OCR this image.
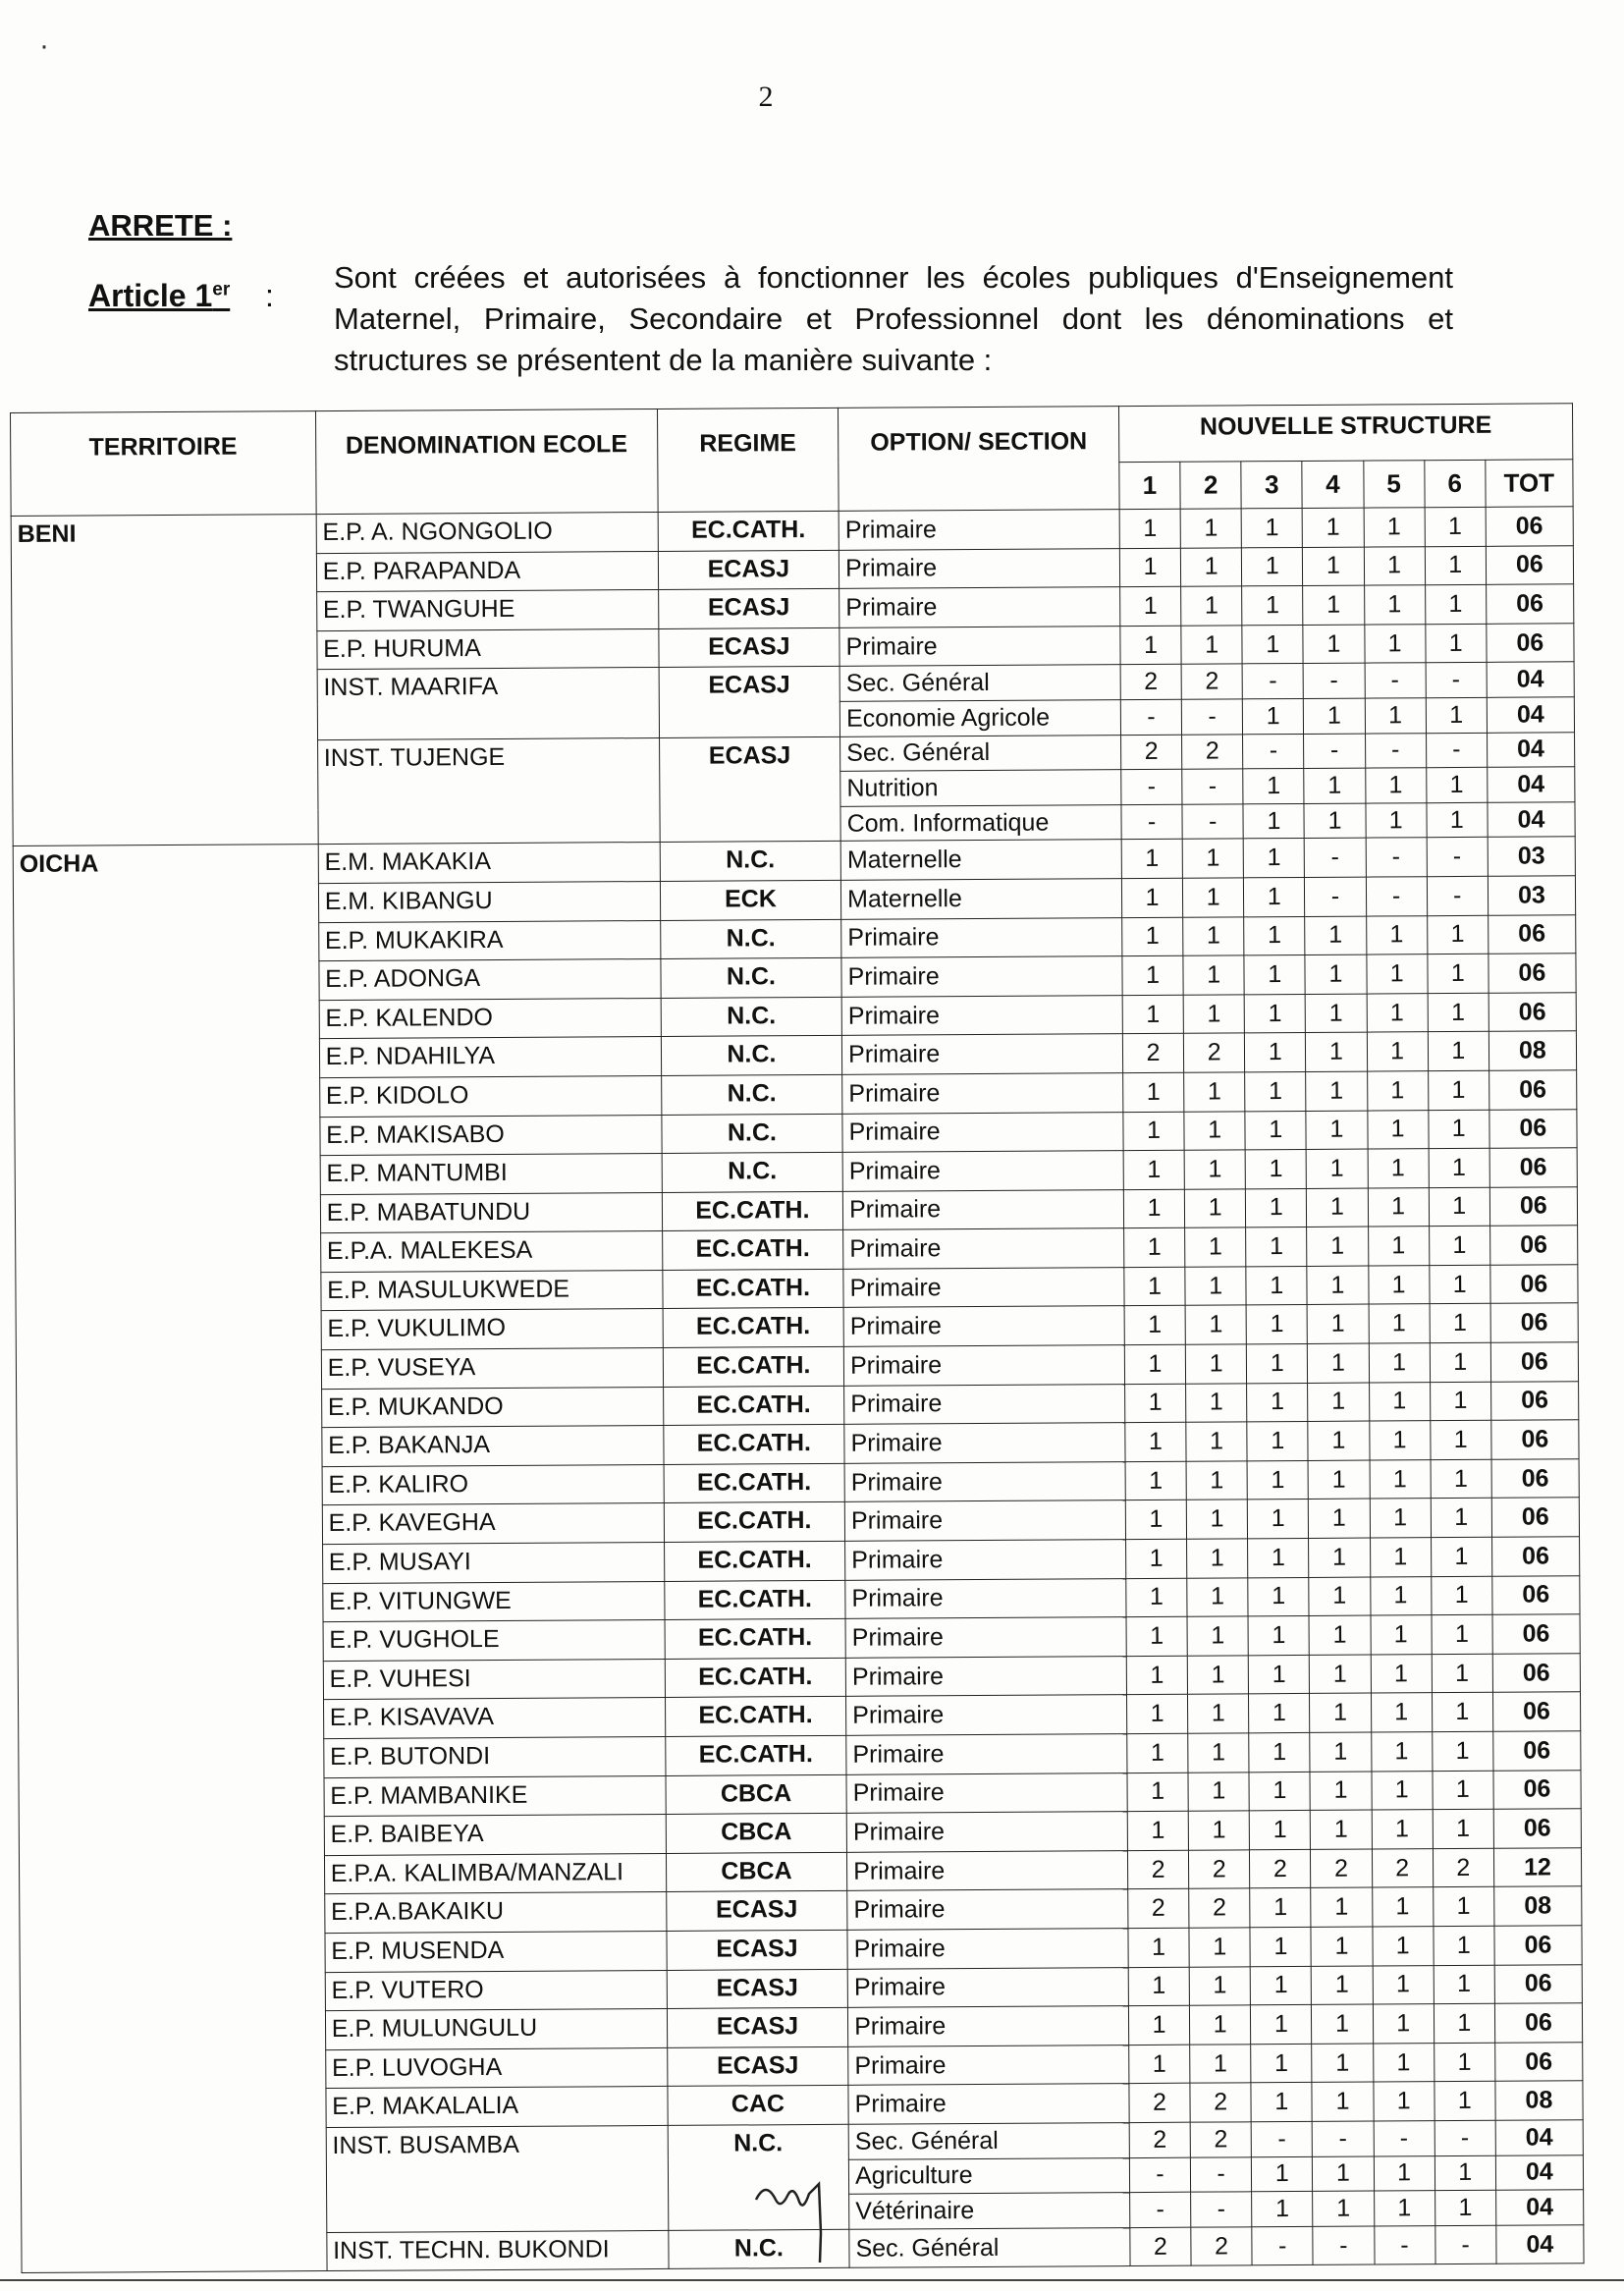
2
ARRETE :
Article 1er :
Sont créées et autorisées à fonctionner les écoles publiques d'Enseignement Maternel, Primaire, Secondaire et Professionnel dont les dénominations et structures se présentent de la manière suivante :
TERRITOIRE	DENOMINATION ECOLE	REGIME	OPTION/ SECTION	NOUVELLE STRUCTURE						
				1	2	3	4	5	6	TOT
BENI	E.P. A. NGONGOLIO	EC.CATH.	Primaire	1	1	1	1	1	1	06
	E.P. PARAPANDA	ECASJ	Primaire	1	1	1	1	1	1	06
	E.P. TWANGUHE	ECASJ	Primaire	1	1	1	1	1	1	06
	E.P. HURUMA	ECASJ	Primaire	1	1	1	1	1	1	06
	INST. MAARIFA	ECASJ	Sec. Général	2	2	-	-	-	-	04
			Economie Agricole	-	-	1	1	1	1	04
	INST. TUJENGE	ECASJ	Sec. Général	2	2	-	-	-	-	04
			Nutrition	-	-	1	1	1	1	04
			Com. Informatique	-	-	1	1	1	1	04
OICHA	E.M. MAKAKIA	N.C.	Maternelle	1	1	1	-	-	-	03
	E.M. KIBANGU	ECK	Maternelle	1	1	1	-	-	-	03
	E.P. MUKAKIRA	N.C.	Primaire	1	1	1	1	1	1	06
	E.P. ADONGA	N.C.	Primaire	1	1	1	1	1	1	06
	E.P. KALENDO	N.C.	Primaire	1	1	1	1	1	1	06
	E.P. NDAHILYA	N.C.	Primaire	2	2	1	1	1	1	08
	E.P. KIDOLO	N.C.	Primaire	1	1	1	1	1	1	06
	E.P. MAKISABO	N.C.	Primaire	1	1	1	1	1	1	06
	E.P. MANTUMBI	N.C.	Primaire	1	1	1	1	1	1	06
	E.P. MABATUNDU	EC.CATH.	Primaire	1	1	1	1	1	1	06
	E.P.A. MALEKESA	EC.CATH.	Primaire	1	1	1	1	1	1	06
	E.P. MASULUKWEDE	EC.CATH.	Primaire	1	1	1	1	1	1	06
	E.P. VUKULIMO	EC.CATH.	Primaire	1	1	1	1	1	1	06
	E.P. VUSEYA	EC.CATH.	Primaire	1	1	1	1	1	1	06
	E.P. MUKANDO	EC.CATH.	Primaire	1	1	1	1	1	1	06
	E.P. BAKANJA	EC.CATH.	Primaire	1	1	1	1	1	1	06
	E.P. KALIRO	EC.CATH.	Primaire	1	1	1	1	1	1	06
	E.P. KAVEGHA	EC.CATH.	Primaire	1	1	1	1	1	1	06
	E.P. MUSAYI	EC.CATH.	Primaire	1	1	1	1	1	1	06
	E.P. VITUNGWE	EC.CATH.	Primaire	1	1	1	1	1	1	06
	E.P. VUGHOLE	EC.CATH.	Primaire	1	1	1	1	1	1	06
	E.P. VUHESI	EC.CATH.	Primaire	1	1	1	1	1	1	06
	E.P. KISAVAVA	EC.CATH.	Primaire	1	1	1	1	1	1	06
	E.P. BUTONDI	EC.CATH.	Primaire	1	1	1	1	1	1	06
	E.P. MAMBANIKE	CBCA	Primaire	1	1	1	1	1	1	06
	E.P. BAIBEYA	CBCA	Primaire	1	1	1	1	1	1	06
	E.P.A. KALIMBA/MANZALI	CBCA	Primaire	2	2	2	2	2	2	12
	E.P.A.BAKAIKU	ECASJ	Primaire	2	2	1	1	1	1	08
	E.P. MUSENDA	ECASJ	Primaire	1	1	1	1	1	1	06
	E.P. VUTERO	ECASJ	Primaire	1	1	1	1	1	1	06
	E.P. MULUNGULU	ECASJ	Primaire	1	1	1	1	1	1	06
	E.P. LUVOGHA	ECASJ	Primaire	1	1	1	1	1	1	06
	E.P. MAKALALIA	CAC	Primaire	2	2	1	1	1	1	08
	INST. BUSAMBA	N.C.	Sec. Général	2	2	-	-	-	-	04
			Agriculture	-	-	1	1	1	1	04
			Vétérinaire	-	-	1	1	1	1	04
	INST. TECHN. BUKONDI	N.C.	Sec. Général	2	2	-	-	-	-	04
·
